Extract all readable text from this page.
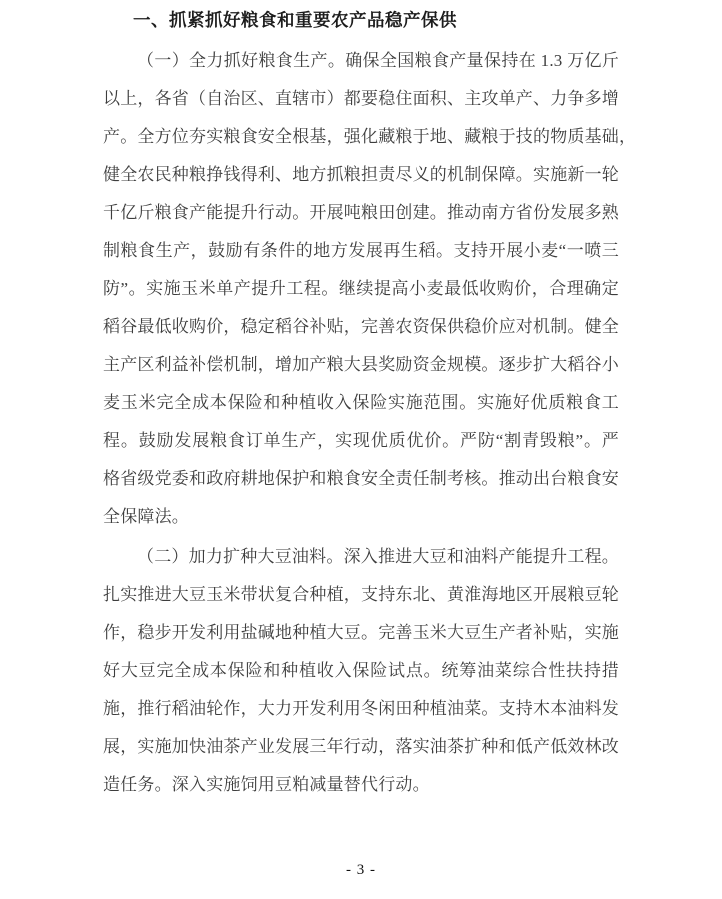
一、抓紧抓好粮食和重要农产品稳产保供
（一）全力抓好粮食生产。确保全国粮食产量保持在 1.3 万亿斤
以上，各省（自治区、直辖市）都要稳住面积、主攻单产、力争多增
产。全方位夯实粮食安全根基，强化藏粮于地、藏粮于技的物质基础，
健全农民种粮挣钱得利、地方抓粮担责尽义的机制保障。实施新一轮
千亿斤粮食产能提升行动。开展吨粮田创建。推动南方省份发展多熟
制粮食生产，鼓励有条件的地方发展再生稻。支持开展小麦“一喷三
防”。实施玉米单产提升工程。继续提高小麦最低收购价，合理确定
稻谷最低收购价，稳定稻谷补贴，完善农资保供稳价应对机制。健全
主产区利益补偿机制，增加产粮大县奖励资金规模。逐步扩大稻谷小
麦玉米完全成本保险和种植收入保险实施范围。实施好优质粮食工
程。鼓励发展粮食订单生产，实现优质优价。严防“割青毁粮”。严
格省级党委和政府耕地保护和粮食安全责任制考核。推动出台粮食安
全保障法。
（二）加力扩种大豆油料。深入推进大豆和油料产能提升工程。
扎实推进大豆玉米带状复合种植，支持东北、黄淮海地区开展粮豆轮
作，稳步开发利用盐碱地种植大豆。完善玉米大豆生产者补贴，实施
好大豆完全成本保险和种植收入保险试点。统筹油菜综合性扶持措
施，推行稻油轮作，大力开发利用冬闲田种植油菜。支持木本油料发
展，实施加快油茶产业发展三年行动，落实油茶扩种和低产低效林改
造任务。深入实施饲用豆粕减量替代行动。
- 3 -
